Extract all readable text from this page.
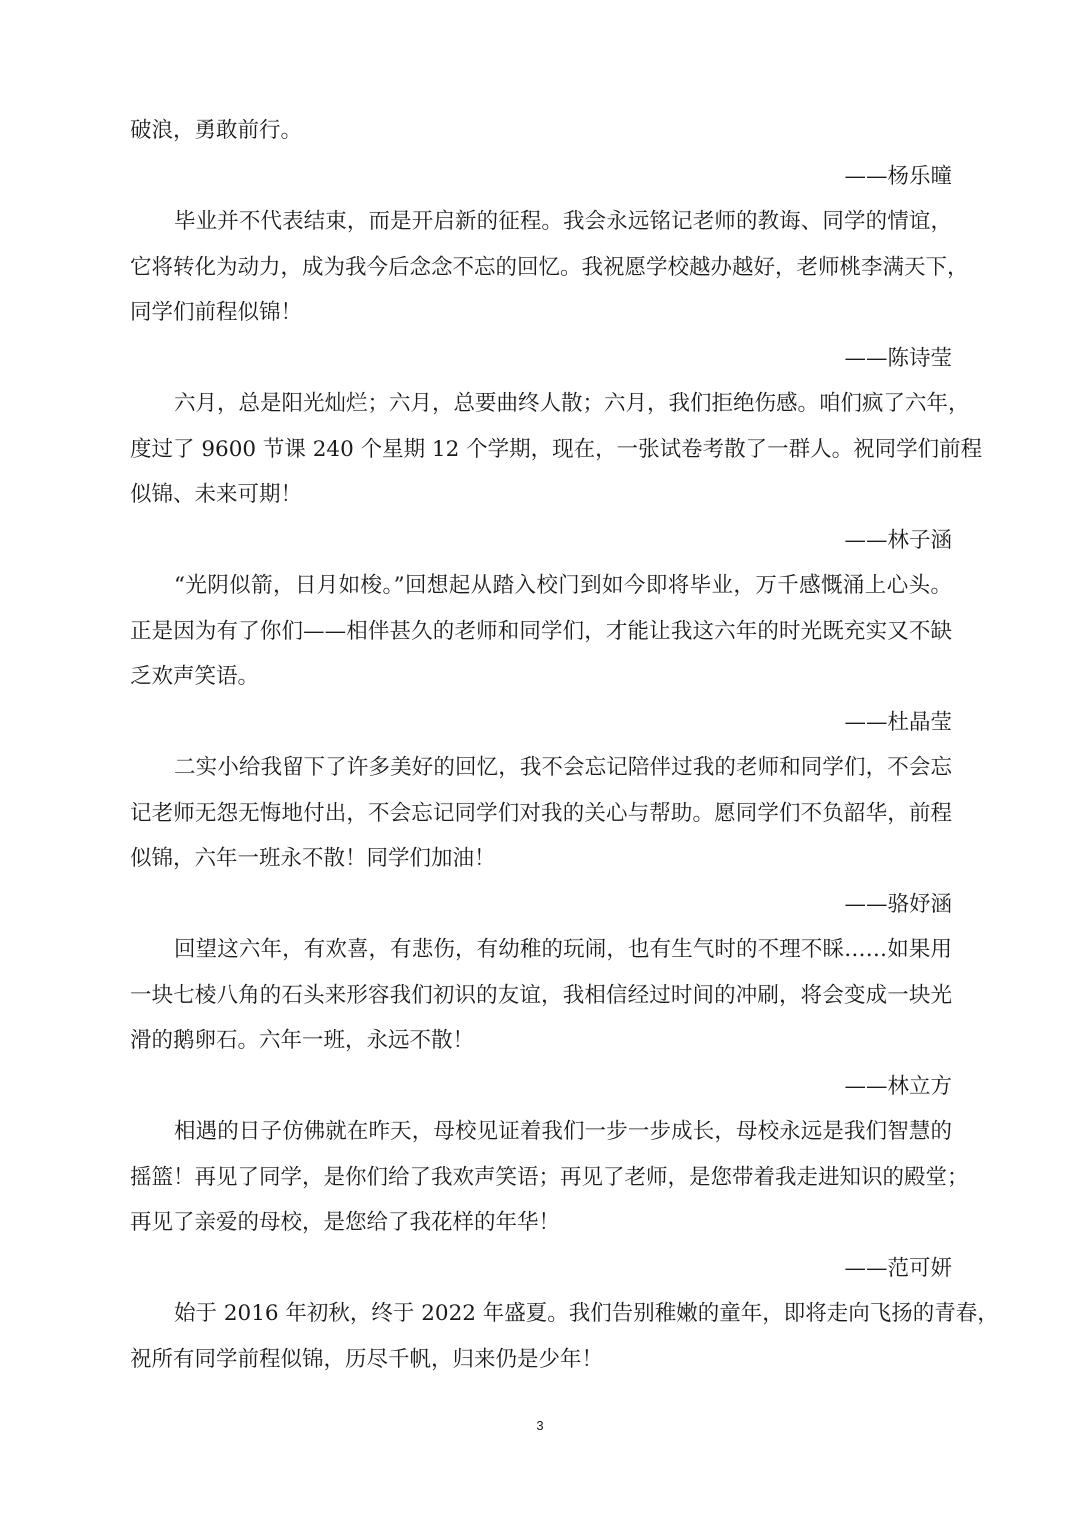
破浪，勇敢前行。
——杨乐曈
毕业并不代表结束，而是开启新的征程。我会永远铭记老师的教诲、同学的情谊，
它将转化为动力，成为我今后念念不忘的回忆。我祝愿学校越办越好，老师桃李满天下，
同学们前程似锦！
——陈诗莹
六月，总是阳光灿烂；六月，总要曲终人散；六月，我们拒绝伤感。咱们疯了六年，
度过了 9600 节课 240 个星期 12 个学期，现在，一张试卷考散了一群人。祝同学们前程
似锦、未来可期！
——林子涵
“光阴似箭，日月如梭。”回想起从踏入校门到如今即将毕业，万千感慨涌上心头。
正是因为有了你们——相伴甚久的老师和同学们，才能让我这六年的时光既充实又不缺
乏欢声笑语。
——杜晶莹
二实小给我留下了许多美好的回忆，我不会忘记陪伴过我的老师和同学们，不会忘
记老师无怨无悔地付出，不会忘记同学们对我的关心与帮助。愿同学们不负韶华，前程
似锦，六年一班永不散！同学们加油！
——骆妤涵
回望这六年，有欢喜，有悲伤，有幼稚的玩闹，也有生气时的不理不睬……如果用
一块七棱八角的石头来形容我们初识的友谊，我相信经过时间的冲刷，将会变成一块光
滑的鹅卵石。六年一班，永远不散！
——林立方
相遇的日子仿佛就在昨天，母校见证着我们一步一步成长，母校永远是我们智慧的
摇篮！再见了同学，是你们给了我欢声笑语；再见了老师，是您带着我走进知识的殿堂；
再见了亲爱的母校，是您给了我花样的年华！
——范可妍
始于 2016 年初秋，终于 2022 年盛夏。我们告别稚嫩的童年，即将走向飞扬的青春，
祝所有同学前程似锦，历尽千帆，归来仍是少年！
3
